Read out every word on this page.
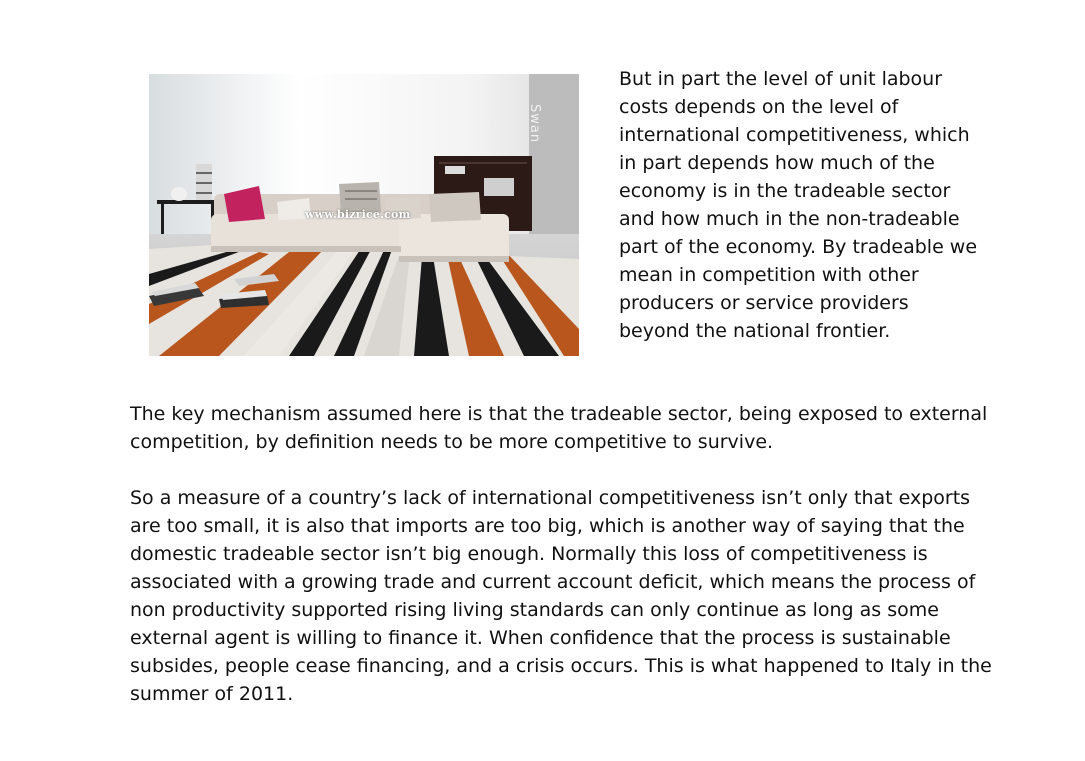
www.bizrice.com
Swan

But in part the level of unit labour
costs depends on the level of
international competitiveness, which
in part depends how much of the
economy is in the tradeable sector
and how much in the non-tradeable
part of the economy. By tradeable we
mean in competition with other
producers or service providers
beyond the national frontier.

The key mechanism assumed here is that the tradeable sector, being exposed to external
competition, by definition needs to be more competitive to survive.

So a measure of a country’s lack of international competitiveness isn’t only that exports
are too small, it is also that imports are too big, which is another way of saying that the
domestic tradeable sector isn’t big enough. Normally this loss of competitiveness is
associated with a growing trade and current account deficit, which means the process of
non productivity supported rising living standards can only continue as long as some
external agent is willing to finance it. When confidence that the process is sustainable
subsides, people cease financing, and a crisis occurs. This is what happened to Italy in the
summer of 2011.
